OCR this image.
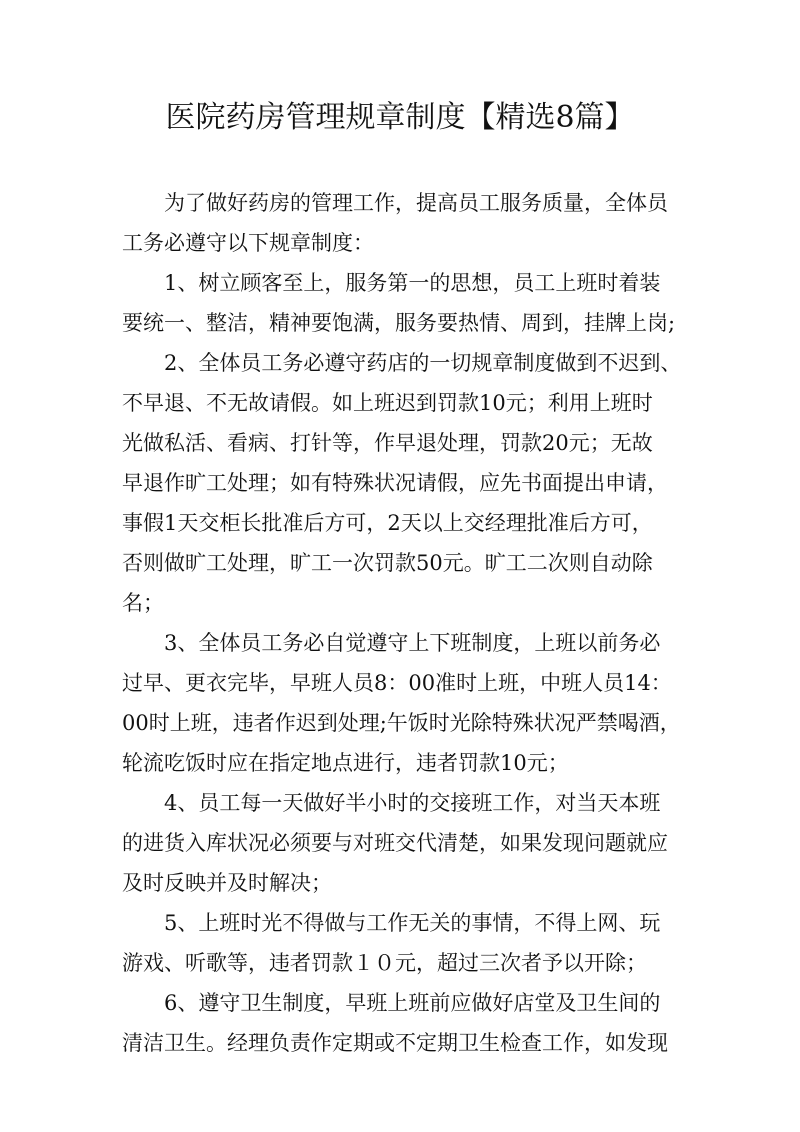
医院药房管理规章制度【精选8篇】
为了做好药房的管理工作，提高员工服务质量，全体员
工务必遵守以下规章制度：
1、树立顾客至上，服务第一的思想，员工上班时着装
要统一、整洁，精神要饱满，服务要热情、周到，挂牌上岗;
2、全体员工务必遵守药店的一切规章制度做到不迟到、
不早退、不无故请假。如上班迟到罚款10元；利用上班时
光做私活、看病、打针等，作早退处理，罚款20元；无故
早退作旷工处理；如有特殊状况请假，应先书面提出申请，
事假1天交柜长批准后方可，2天以上交经理批准后方可，
否则做旷工处理，旷工一次罚款50元。旷工二次则自动除
名；
3、全体员工务必自觉遵守上下班制度，上班以前务必
过早、更衣完毕，早班人员8：00准时上班，中班人员14：
00时上班，违者作迟到处理;午饭时光除特殊状况严禁喝酒，
轮流吃饭时应在指定地点进行，违者罚款10元；
4、员工每一天做好半小时的交接班工作，对当天本班
的进货入库状况必须要与对班交代清楚，如果发现问题就应
及时反映并及时解决；
5、上班时光不得做与工作无关的事情，不得上网、玩
游戏、听歌等，违者罚款１０元，超过三次者予以开除；
6、遵守卫生制度，早班上班前应做好店堂及卫生间的
清洁卫生。经理负责作定期或不定期卫生检查工作，如发现
